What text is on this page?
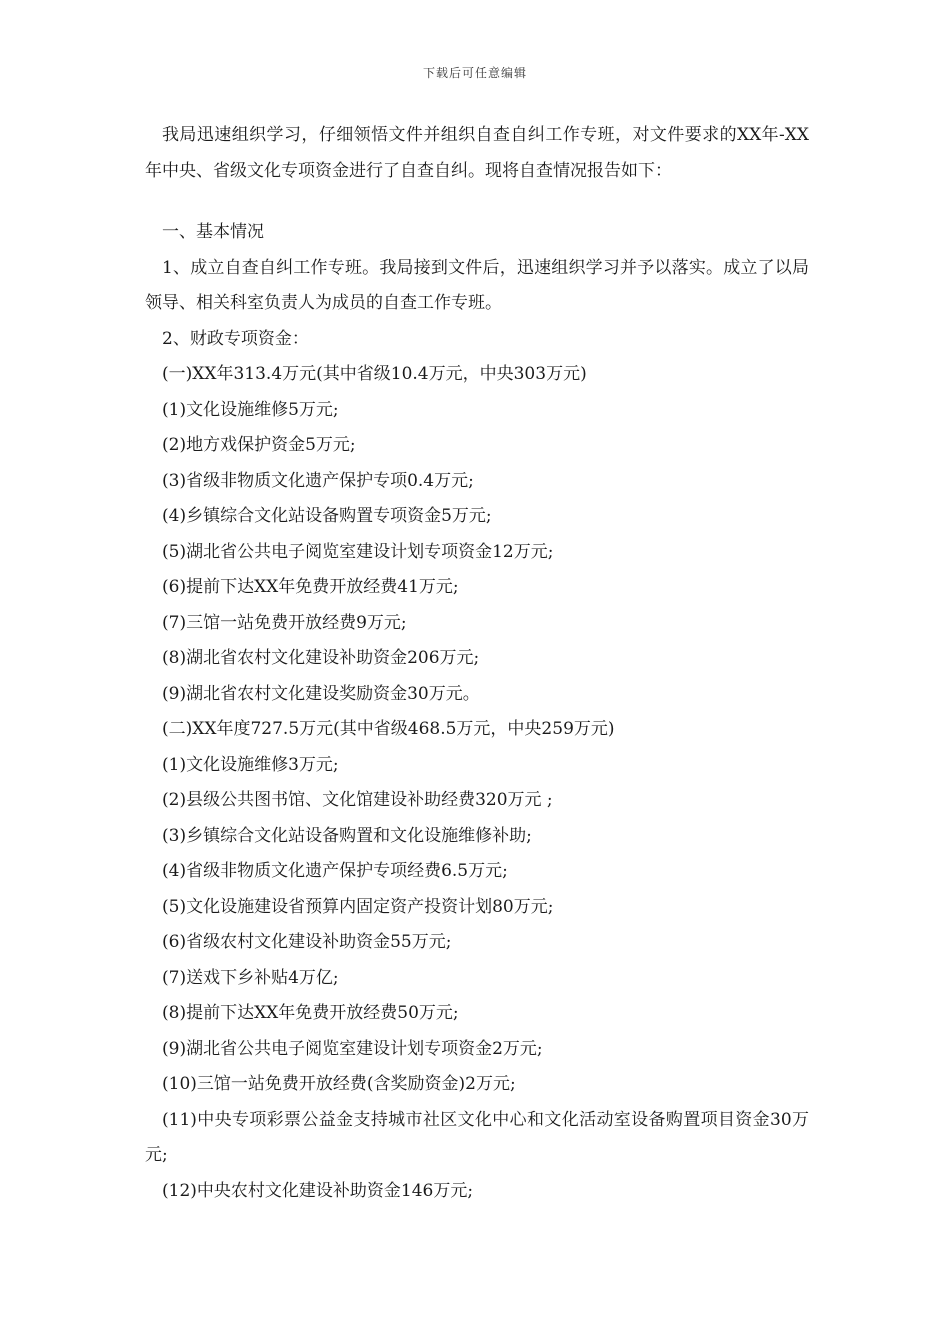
下载后可任意编辑

我局迅速组织学习，仔细领悟文件并组织自查自纠工作专班，对文件要求的XX年-XX年中央、省级文化专项资金进行了自查自纠。现将自查情况报告如下：

一、基本情况

1、成立自查自纠工作专班。我局接到文件后，迅速组织学习并予以落实。成立了以局领导、相关科室负责人为成员的自查工作专班。

2、财政专项资金：

(一)XX年313.4万元(其中省级10.4万元，中央303万元)

(1)文化设施维修5万元;

(2)地方戏保护资金5万元;

(3)省级非物质文化遗产保护专项0.4万元;

(4)乡镇综合文化站设备购置专项资金5万元;

(5)湖北省公共电子阅览室建设计划专项资金12万元;

(6)提前下达XX年免费开放经费41万元;

(7)三馆一站免费开放经费9万元;

(8)湖北省农村文化建设补助资金206万元;

(9)湖北省农村文化建设奖励资金30万元。

(二)XX年度727.5万元(其中省级468.5万元，中央259万元)

(1)文化设施维修3万元;

(2)县级公共图书馆、文化馆建设补助经费320万元 ;

(3)乡镇综合文化站设备购置和文化设施维修补助;

(4)省级非物质文化遗产保护专项经费6.5万元;

(5)文化设施建设省预算内固定资产投资计划80万元;

(6)省级农村文化建设补助资金55万元;

(7)送戏下乡补贴4万亿;

(8)提前下达XX年免费开放经费50万元;

(9)湖北省公共电子阅览室建设计划专项资金2万元;

(10)三馆一站免费开放经费(含奖励资金)2万元;

(11)中央专项彩票公益金支持城市社区文化中心和文化活动室设备购置项目资金30万元;

(12)中央农村文化建设补助资金146万元;
